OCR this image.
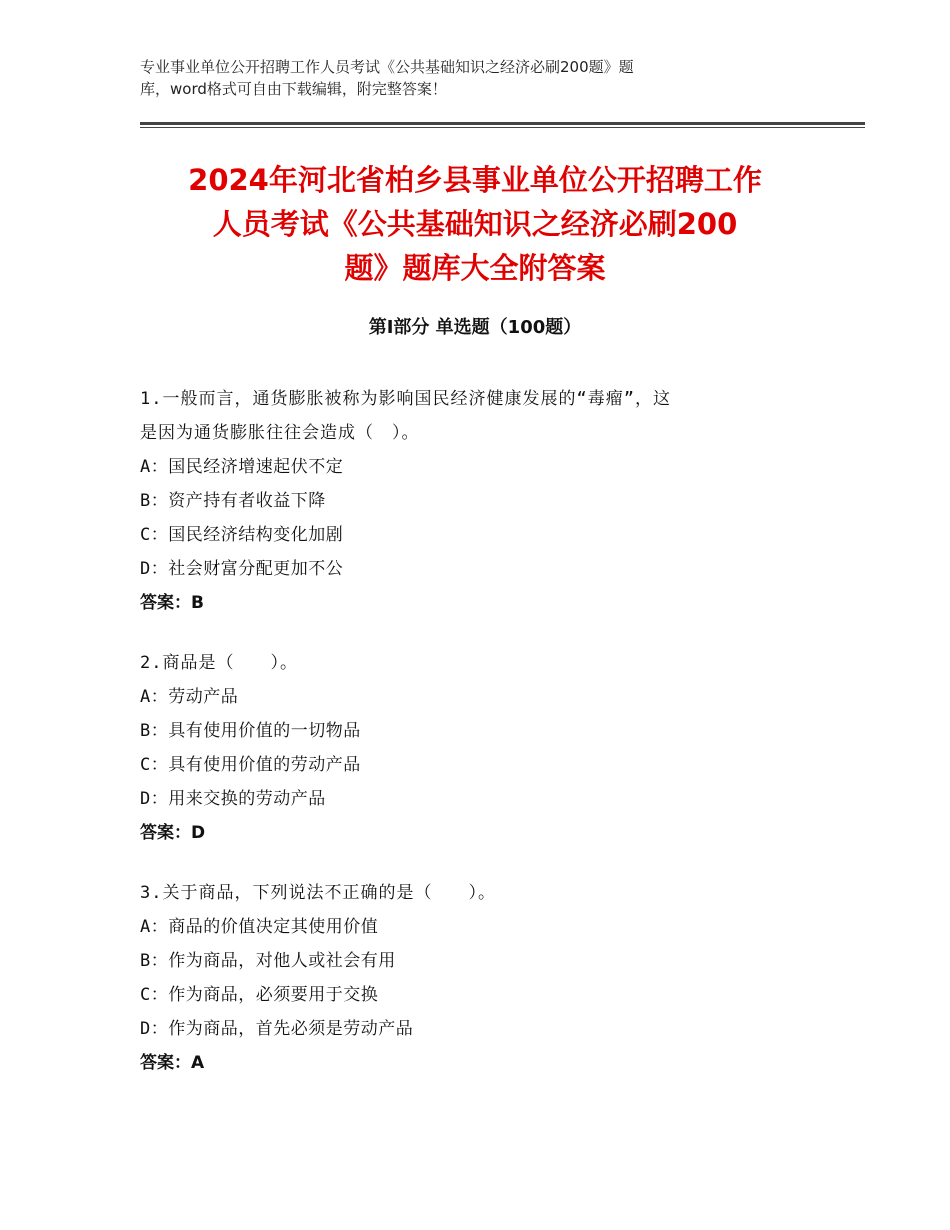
专业事业单位公开招聘工作人员考试《公共基础知识之经济必刷200题》题
库，word格式可自由下载编辑，附完整答案！
2024年河北省柏乡县事业单位公开招聘工作
人员考试《公共基础知识之经济必刷200
题》题库大全附答案
第Ⅰ部分 单选题（100题）
1.一般而言，通货膨胀被称为影响国民经济健康发展的“毒瘤”，这
是因为通货膨胀往往会造成（　）。
A：国民经济增速起伏不定
B：资产持有者收益下降
C：国民经济结构变化加剧
D：社会财富分配更加不公
答案：B
2.商品是（　　）。
A：劳动产品
B：具有使用价值的一切物品
C：具有使用价值的劳动产品
D：用来交换的劳动产品
答案：D
3.关于商品，下列说法不正确的是（　　）。
A：商品的价值决定其使用价值
B：作为商品，对他人或社会有用
C：作为商品，必须要用于交换
D：作为商品，首先必须是劳动产品
答案：A
